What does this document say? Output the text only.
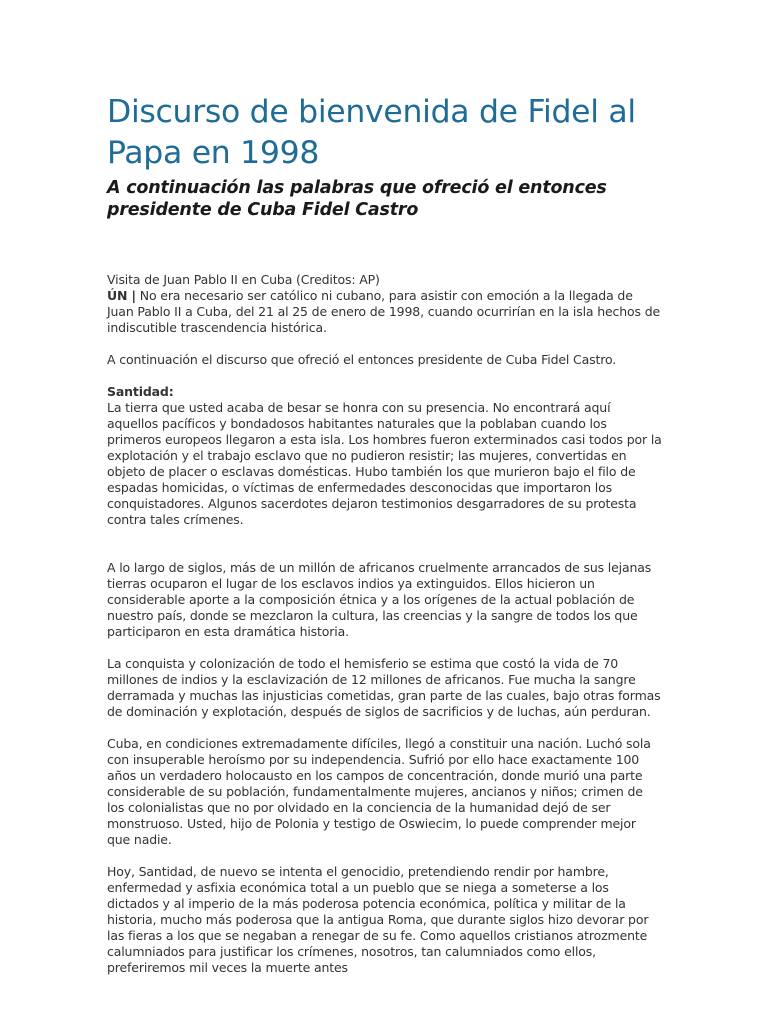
Discurso de bienvenida de Fidel al Papa en 1998
A continuación las palabras que ofreció el entonces presidente de Cuba Fidel Castro

Visita de Juan Pablo II en Cuba (Creditos: AP)
ÚN | No era necesario ser católico ni cubano, para asistir con emoción a la llegada de Juan Pablo II a Cuba, del 21 al 25 de enero de 1998, cuando ocurrirían en la isla hechos de indiscutible trascendencia histórica.

A continuación el discurso que ofreció el entonces presidente de Cuba Fidel Castro.

Santidad:

La tierra que usted acaba de besar se honra con su presencia. No encontrará aquí aquellos pacíficos y bondadosos habitantes naturales que la poblaban cuando los primeros europeos llegaron a esta isla. Los hombres fueron exterminados casi todos por la explotación y el trabajo esclavo que no pudieron resistir; las mujeres, convertidas en objeto de placer o esclavas domésticas. Hubo también los que murieron bajo el filo de espadas homicidas, o víctimas de enfermedades desconocidas que importaron los conquistadores. Algunos sacerdotes dejaron testimonios desgarradores de su protesta contra tales crímenes.

A lo largo de siglos, más de un millón de africanos cruelmente arrancados de sus lejanas tierras ocuparon el lugar de los esclavos indios ya extinguidos. Ellos hicieron un considerable aporte a la composición étnica y a los orígenes de la actual población de nuestro país, donde se mezclaron la cultura, las creencias y la sangre de todos los que participaron en esta dramática historia.

La conquista y colonización de todo el hemisferio se estima que costó la vida de 70 millones de indios y la esclavización de 12 millones de africanos. Fue mucha la sangre derramada y muchas las injusticias cometidas, gran parte de las cuales, bajo otras formas de dominación y explotación, después de siglos de sacrificios y de luchas, aún perduran.

Cuba, en condiciones extremadamente difíciles, llegó a constituir una nación. Luchó sola con insuperable heroísmo por su independencia. Sufrió por ello hace exactamente 100 años un verdadero holocausto en los campos de concentración, donde murió una parte considerable de su población, fundamentalmente mujeres, ancianos y niños; crimen de los colonialistas que no por olvidado en la conciencia de la humanidad dejó de ser monstruoso. Usted, hijo de Polonia y testigo de Oswiecim, lo puede comprender mejor que nadie.

Hoy, Santidad, de nuevo se intenta el genocidio, pretendiendo rendir por hambre, enfermedad y asfixia económica total a un pueblo que se niega a someterse a los dictados y al imperio de la más poderosa potencia económica, política y militar de la historia, mucho más poderosa que la antigua Roma, que durante siglos hizo devorar por las fieras a los que se negaban a renegar de su fe. Como aquellos cristianos atrozmente calumniados para justificar los crímenes, nosotros, tan calumniados como ellos, preferiremos mil veces la muerte antes
